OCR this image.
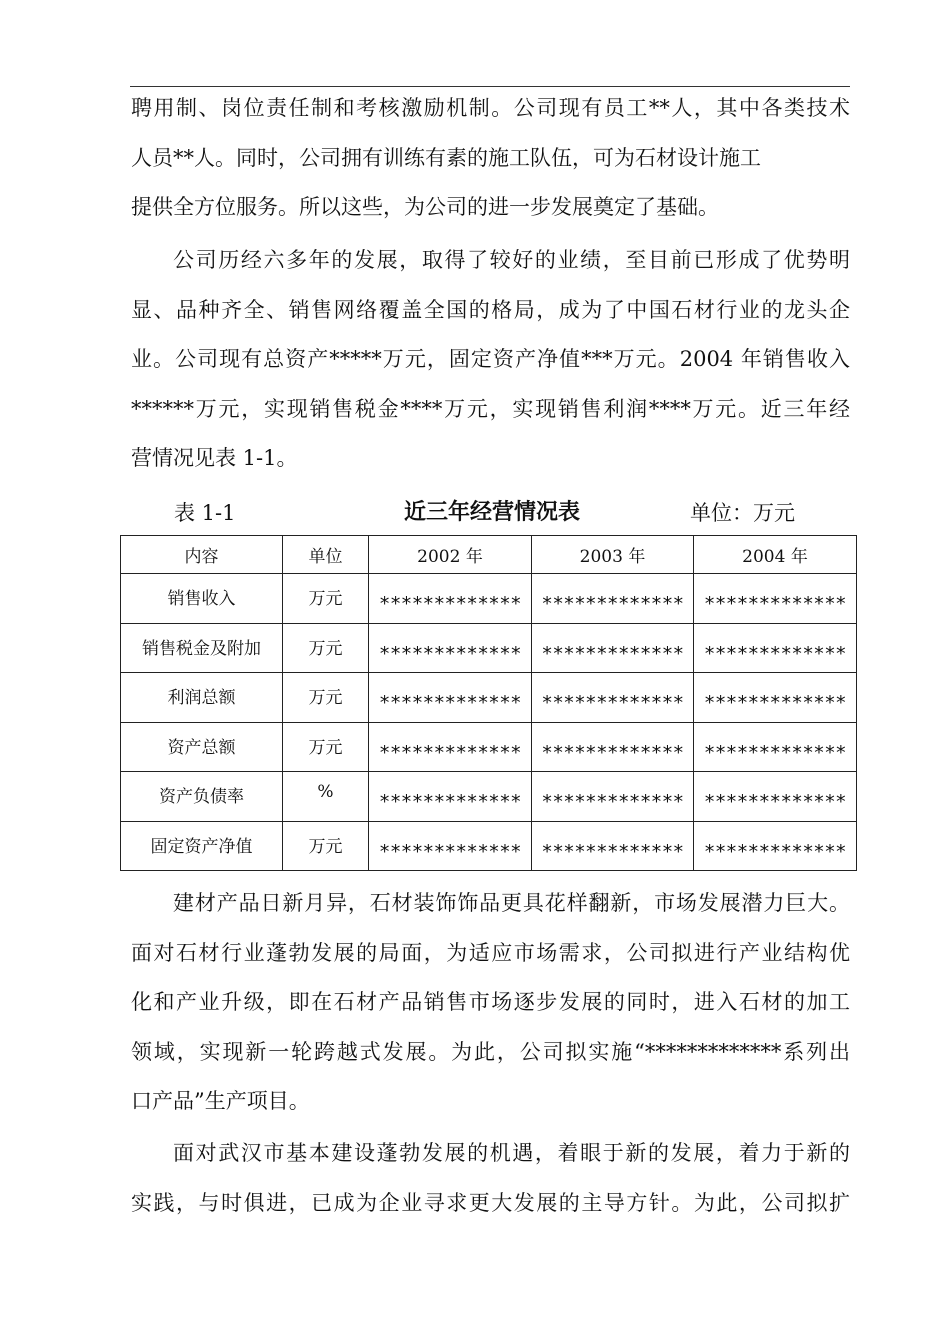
聘用制、岗位责任制和考核激励机制。公司现有员工**人，其中各类技术
人员**人。同时，公司拥有训练有素的施工队伍，可为石材设计施工
提供全方位服务。所以这些，为公司的进一步发展奠定了基础。
公司历经六多年的发展，取得了较好的业绩，至目前已形成了优势明
显、品种齐全、销售网络覆盖全国的格局，成为了中国石材行业的龙头企
业。公司现有总资产*****万元，固定资产净值***万元。2004 年销售收入
******万元，实现销售税金****万元，实现销售利润****万元。近三年经
营情况见表 1-1。
表 1-1	近三年经营情况表	单位：万元
内容	单位	2002 年	2003 年	2004 年
销售收入	万元	*************	*************	*************
销售税金及附加	万元	*************	*************	*************
利润总额	万元	*************	*************	*************
资产总额	万元	*************	*************	*************
资产负债率	%	*************	*************	*************
固定资产净值	万元	*************	*************	*************
建材产品日新月异，石材装饰饰品更具花样翻新，市场发展潜力巨大。
面对石材行业蓬勃发展的局面，为适应市场需求，公司拟进行产业结构优
化和产业升级，即在石材产品销售市场逐步发展的同时，进入石材的加工
领域，实现新一轮跨越式发展。为此，公司拟实施“*************系列出
口产品”生产项目。
面对武汉市基本建设蓬勃发展的机遇，着眼于新的发展，着力于新的
实践，与时俱进，已成为企业寻求更大发展的主导方针。为此，公司拟扩
